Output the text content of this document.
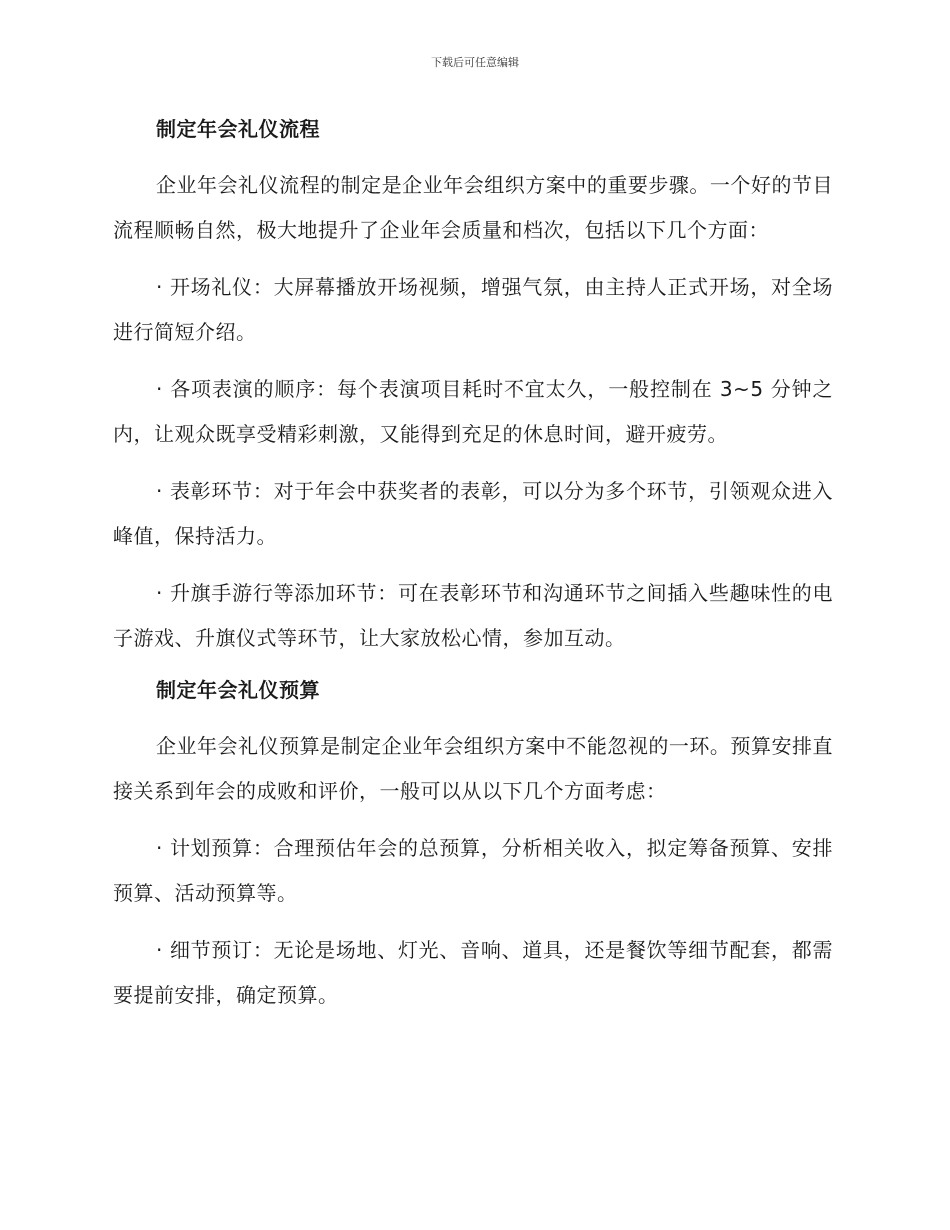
下载后可任意编辑
制定年会礼仪流程

企业年会礼仪流程的制定是企业年会组织方案中的重要步骤。一个好的节目流程顺畅自然，极大地提升了企业年会质量和档次，包括以下几个方面：

· 开场礼仪：大屏幕播放开场视频，增强气氛，由主持人正式开场，对全场进行简短介绍。

· 各项表演的顺序：每个表演项目耗时不宜太久，一般控制在 3~5 分钟之内，让观众既享受精彩刺激，又能得到充足的休息时间，避开疲劳。

· 表彰环节：对于年会中获奖者的表彰，可以分为多个环节，引领观众进入峰值，保持活力。

· 升旗手游行等添加环节：可在表彰环节和沟通环节之间插入些趣味性的电子游戏、升旗仪式等环节，让大家放松心情，参加互动。

制定年会礼仪预算

企业年会礼仪预算是制定企业年会组织方案中不能忽视的一环。预算安排直接关系到年会的成败和评价，一般可以从以下几个方面考虑：

· 计划预算：合理预估年会的总预算，分析相关收入，拟定筹备预算、安排预算、活动预算等。

· 细节预订：无论是场地、灯光、音响、道具，还是餐饮等细节配套，都需要提前安排，确定预算。
